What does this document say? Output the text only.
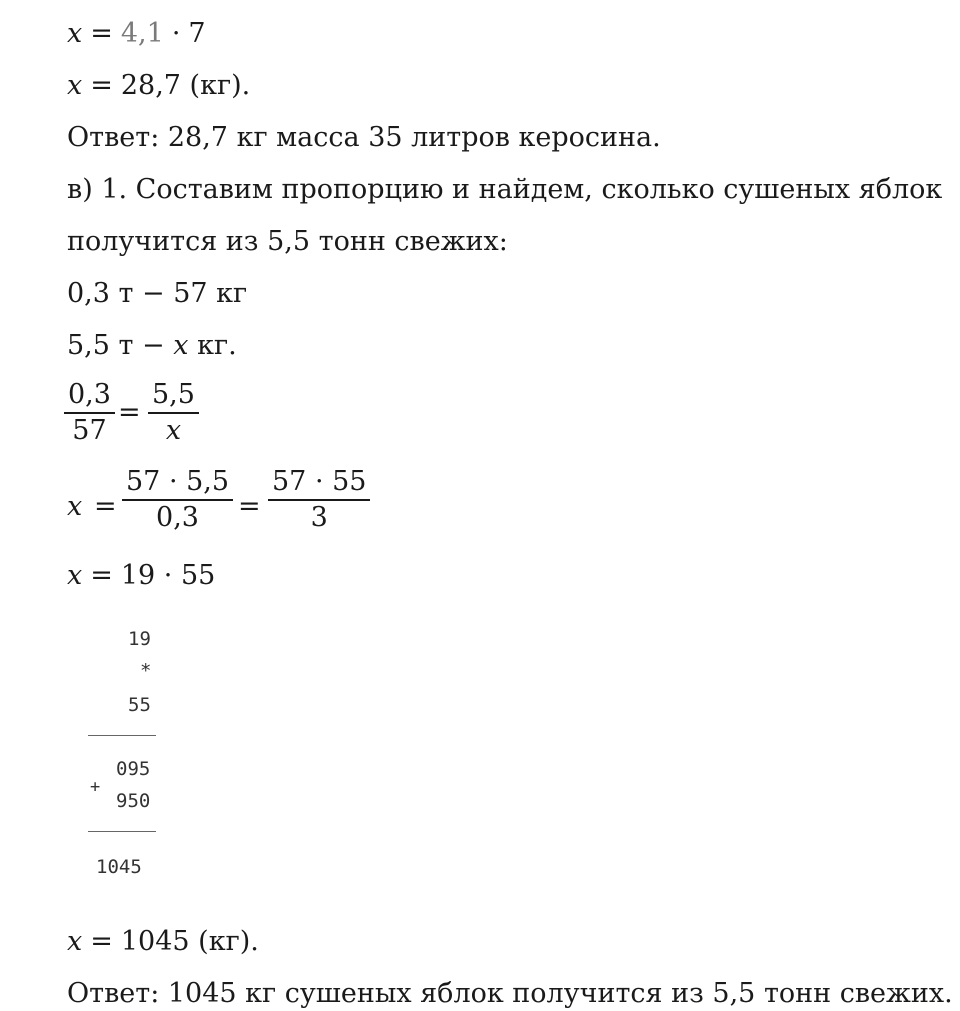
x = 4,1 · 7
x = 28,7 (кг).
Ответ: 28,7 кг масса 35 литров керосина.
в) 1. Составим пропорцию и найдем, сколько сушеных яблок
получится из 5,5 тонн свежих:
0,3 т − 57 кг
5,5 т − x кг.
0,3
57
=
5,5
x
x =
57 · 5,5
0,3 =
57 · 55
3
x = 19 · 55
19
*
55
095
+
950
1045
x = 1045 (кг).
Ответ: 1045 кг сушеных яблок получится из 5,5 тонн свежих.
